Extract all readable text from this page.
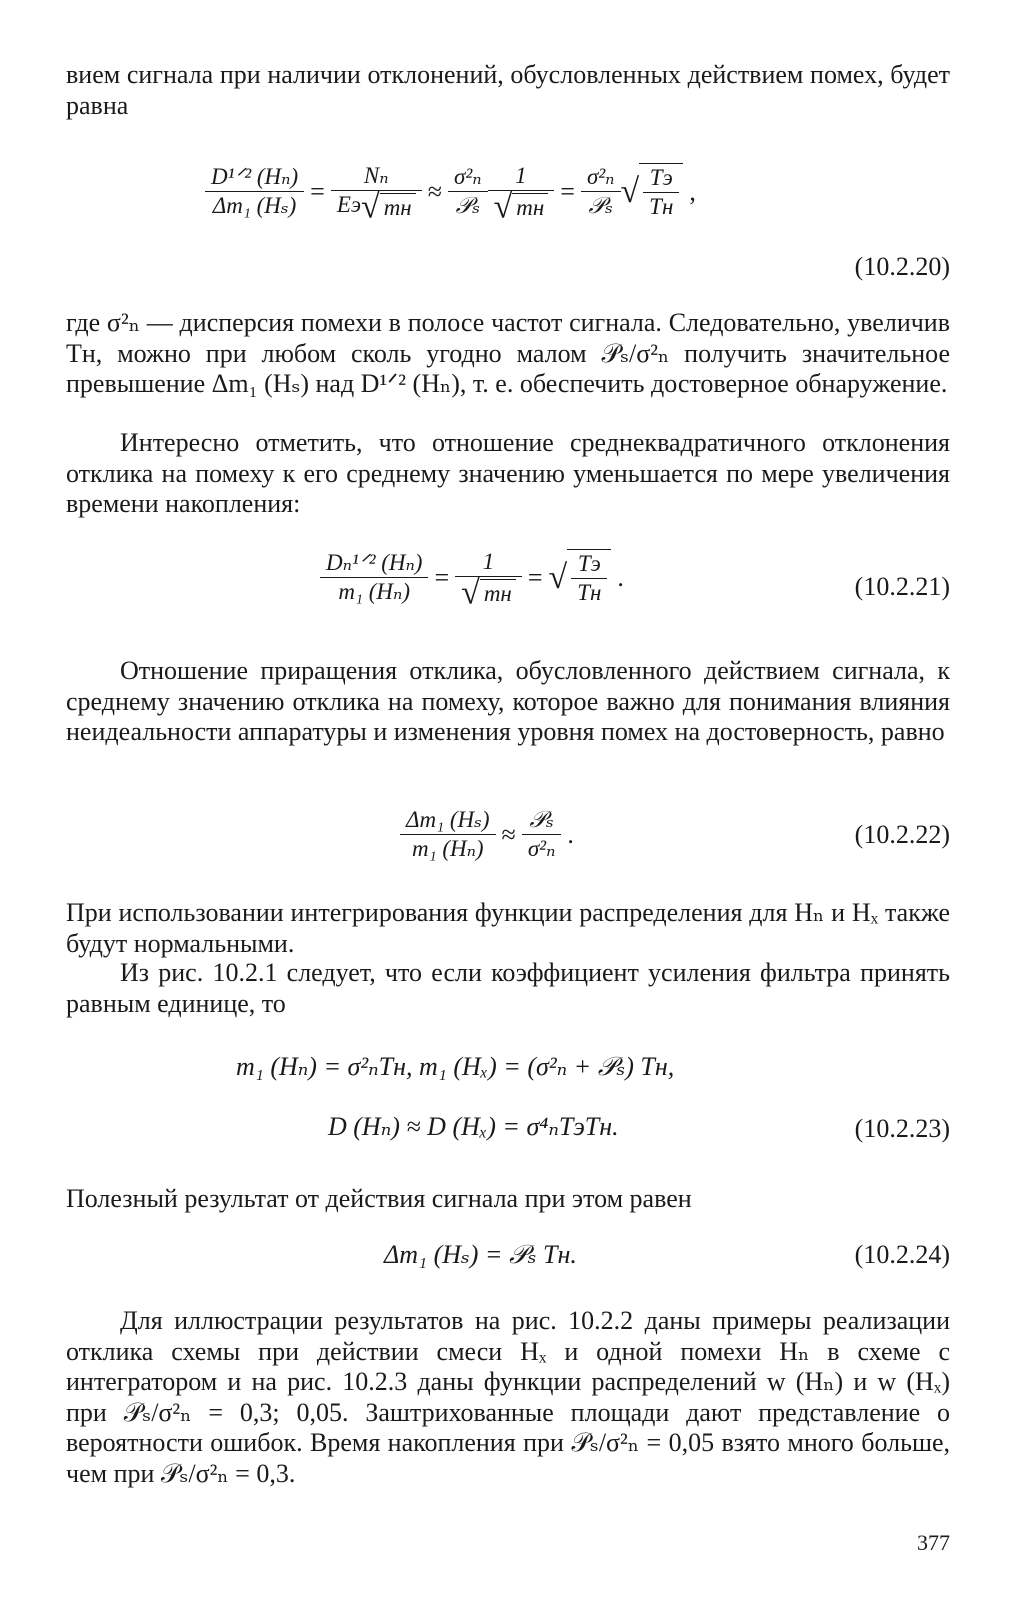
вием сигнала при наличии отклонений, обусловленных действием помех, будет равна

$\frac{\text{D¹ᐟ² (Hₙ)}}{\text{Δm₁ (Hₛ)}} = \frac{\text{Nₙ}}{Eэ√ mн} \approx \frac{\text{σ²ₙ}}{\text{𝒫ₛ}} \frac{1}{√ mн} = \frac{\text{σ²ₙ}}{\text{𝒫ₛ}}$ √ $\frac{Tэ}{Tн}$ ,
(10.2.20)

где σ²ₙ — дисперсия помехи в полосе частот сигнала. Следовательно, увеличив Tн, можно при любом сколь угодно малом 𝒫ₛ/σ²ₙ получить значительное превышение Δm₁ (Hₛ) над D¹ᐟ² (Hₙ), т. е. обеспечить достоверное обнаружение.

Интересно отметить, что отношение среднеквадратичного отклонения отклика на помеху к его среднему значению уменьшается по мере увеличения времени накопления:

$\frac{\text{Dₙ¹ᐟ² (Hₙ)}}{\text{m₁ (Hₙ)}} = \frac{1}{√ mн}$ = √ $\frac{Tэ}{Tн}$ .	(10.2.21)

Отношение приращения отклика, обусловленного действием сигнала, к среднему значению отклика на помеху, которое важно для понимания влияния неидеальности аппаратуры и изменения уровня помех на достоверность, равно

$\frac{\text{Δm₁ (Hₛ)}}{\text{m₁ (Hₙ)}} \approx \frac{\text{𝒫ₛ}}{\text{σ²ₙ}}$ .	(10.2.22)

При использовании интегрирования функции распределения для Hₙ и Hₓ также будут нормальными.

Из рис. 10.2.1 следует, что если коэффициент усиления фильтра принять равным единице, то

m₁ (Hₙ) = σ²ₙTн, m₁ (Hₓ) = (σ²ₙ + 𝒫ₛ) Tн,
D (Hₙ) ≈ D (Hₓ) = σ⁴ₙTэTн.	(10.2.23)

Полезный результат от действия сигнала при этом равен

Δm₁ (Hₛ) = 𝒫ₛ Tн.	(10.2.24)

Для иллюстрации результатов на рис. 10.2.2 даны примеры реализации отклика схемы при действии смеси Hₓ и одной помехи Hₙ в схеме с интегратором и на рис. 10.2.3 даны функции распределений w (Hₙ) и w (Hₓ) при 𝒫ₛ/σ²ₙ = 0,3; 0,05. Заштрихованные площади дают представление о вероятности ошибок. Время накопления при 𝒫ₛ/σ²ₙ = 0,05 взято много больше, чем при 𝒫ₛ/σ²ₙ = 0,3.

377
